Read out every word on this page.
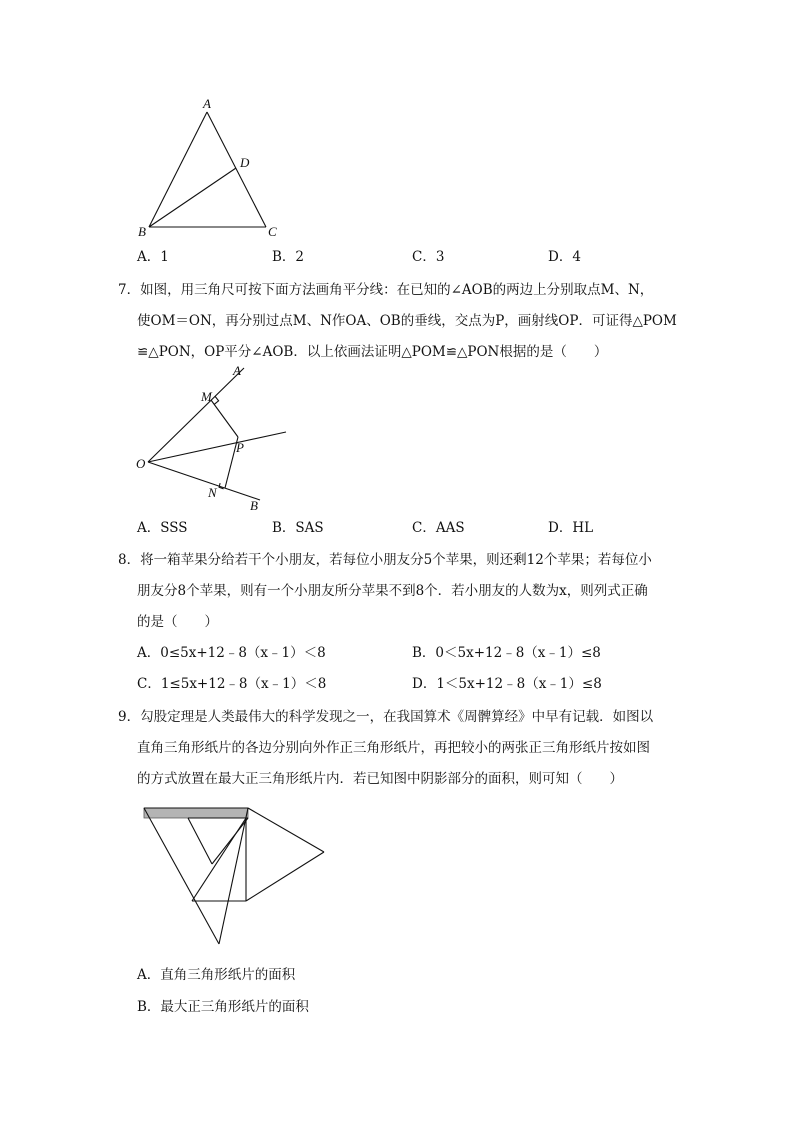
A
D
B	C
A．1	B．2	C．3	D．4
7．如图，用三角尺可按下面方法画角平分线：在已知的∠AOB的两边上分别取点M、N，
使OM＝ON，再分别过点M、N作OA、OB的垂线，交点为P，画射线OP．可证得△POM
≌△PON，OP平分∠AOB．以上依画法证明△POM≌△PON根据的是（　　）
A
M
O
P
N
B
A．SSS	B．SAS	C．AAS	D．HL
8．将一箱苹果分给若干个小朋友，若每位小朋友分5个苹果，则还剩12个苹果；若每位小
朋友分8个苹果，则有一个小朋友所分苹果不到8个．若小朋友的人数为x，则列式正确
的是（　　）
A．0≤5x+12﹣8（x﹣1）＜8	B．0＜5x+12﹣8（x﹣1）≤8
C．1≤5x+12﹣8（x﹣1）＜8	D．1＜5x+12﹣8（x﹣1）≤8
9．勾股定理是人类最伟大的科学发现之一，在我国算术《周髀算经》中早有记载．如图以
直角三角形纸片的各边分别向外作正三角形纸片，再把较小的两张正三角形纸片按如图
的方式放置在最大正三角形纸片内．若已知图中阴影部分的面积，则可知（　　）
A．直角三角形纸片的面积
B．最大正三角形纸片的面积
